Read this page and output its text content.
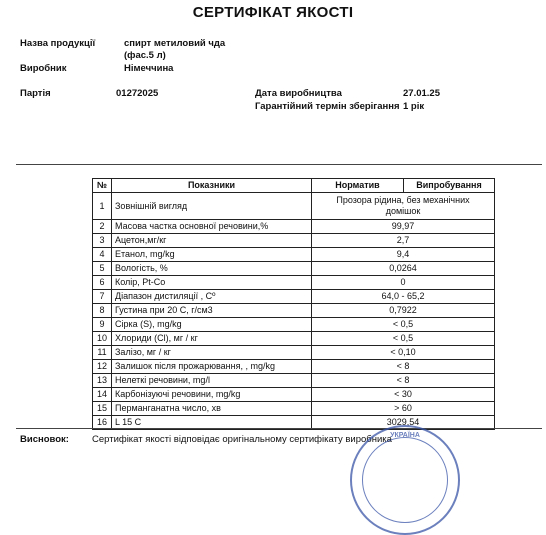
СЕРТИФІКАТ ЯКОСТІ
Назва продукції	спирт метиловий чда
(фас.5 л)
Виробник	Німеччина
Партія	01272025	Дата виробництва	27.01.25
Гарантійний термін зберігання 1 рік
№	Показники	Норматив	Випробування
1	Зовнішній вигляд	Прозора рідина, без механічних домішок	
2	Масова частка основної речовини,%	99,97	
3	Ацетон,мг/кг	2,7	
4	Етанол, mg/kg	9,4	
5	Вологість, %	0,0264	
6	Колір, Pt-Co	0	
7	Діапазон дистиляції , Cº	64,0 - 65,2	
8	Густина при 20 C, г/см3	0,7922	
9	Сірка (S), mg/kg	< 0,5	
10	Хлориди (Cl), мг / кг	< 0,5	
11	Залізо, мг / кг	< 0,10	
12	Залишок після прожарювання, , mg/kg	< 8	
13	Нелеткі речовини, mg/l	< 8	
14	Карбонізуючі речовини, mg/kg	< 30	
15	Перманганатна число, хв	> 60	
16	L 15 C	3029,54	
Висновок: Сертифікат якості відповідає оригінальному сертифікату виробника
УКРАЇНА
